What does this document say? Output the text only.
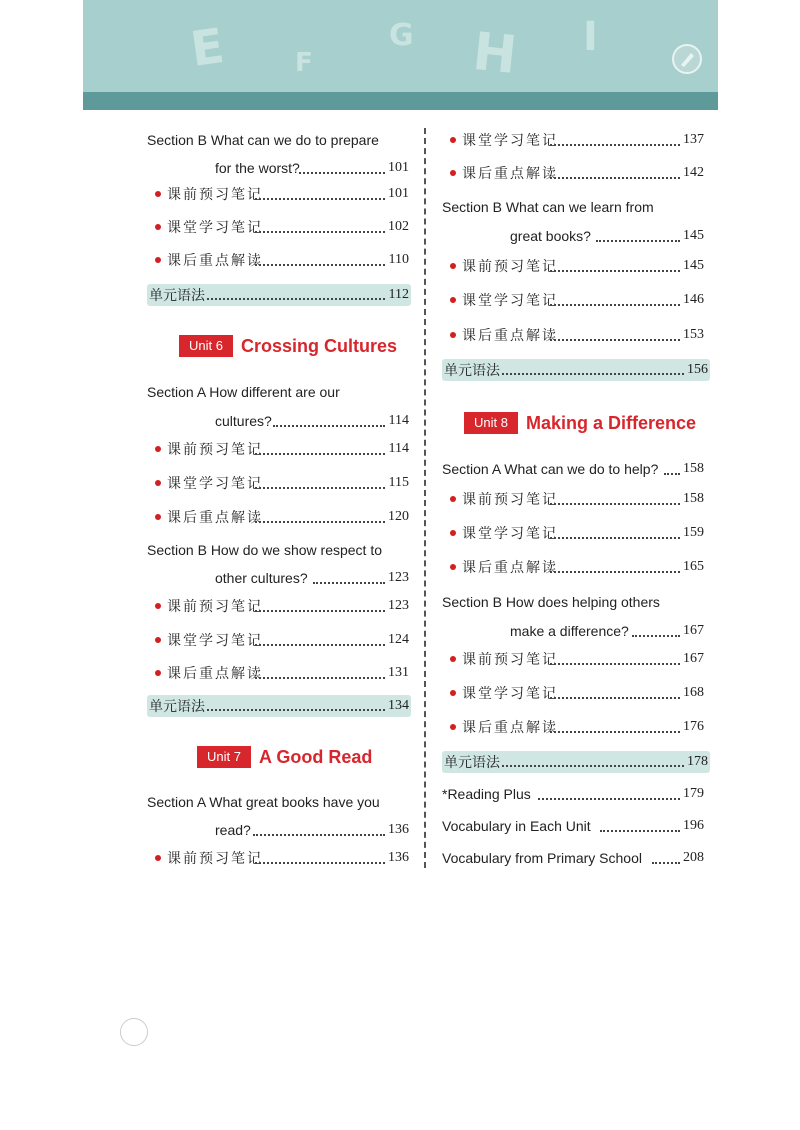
E	F
G H I
Section B What can we do to prepare
for the worst?	101
课前预习笔记	101
课堂学习笔记	102
课后重点解读	110
单元语法	112
Unit 6	Crossing Cultures
Section A How different are our
cultures?	114
课前预习笔记	114
课堂学习笔记	115
课后重点解读	120
Section B How do we show respect to
other cultures?	123
课前预习笔记	123
课堂学习笔记	124
课后重点解读	131
单元语法	134
Unit 7	A Good Read
Section A What great books have you
read?	136
课前预习笔记	136
课堂学习笔记	137
课后重点解读	142
Section B What can we learn from
great books?	145
课前预习笔记	145
课堂学习笔记	146
课后重点解读	153
单元语法	156
Unit 8	Making a Difference
Section A What can we do to help? 158
课前预习笔记	158
课堂学习笔记	159
课后重点解读	165
Section B How does helping others
make a difference?	167
课前预习笔记	167
课堂学习笔记	168
课后重点解读	176
单元语法	178
*Reading Plus	179
Vocabulary in Each Unit	196
Vocabulary from Primary School	208
